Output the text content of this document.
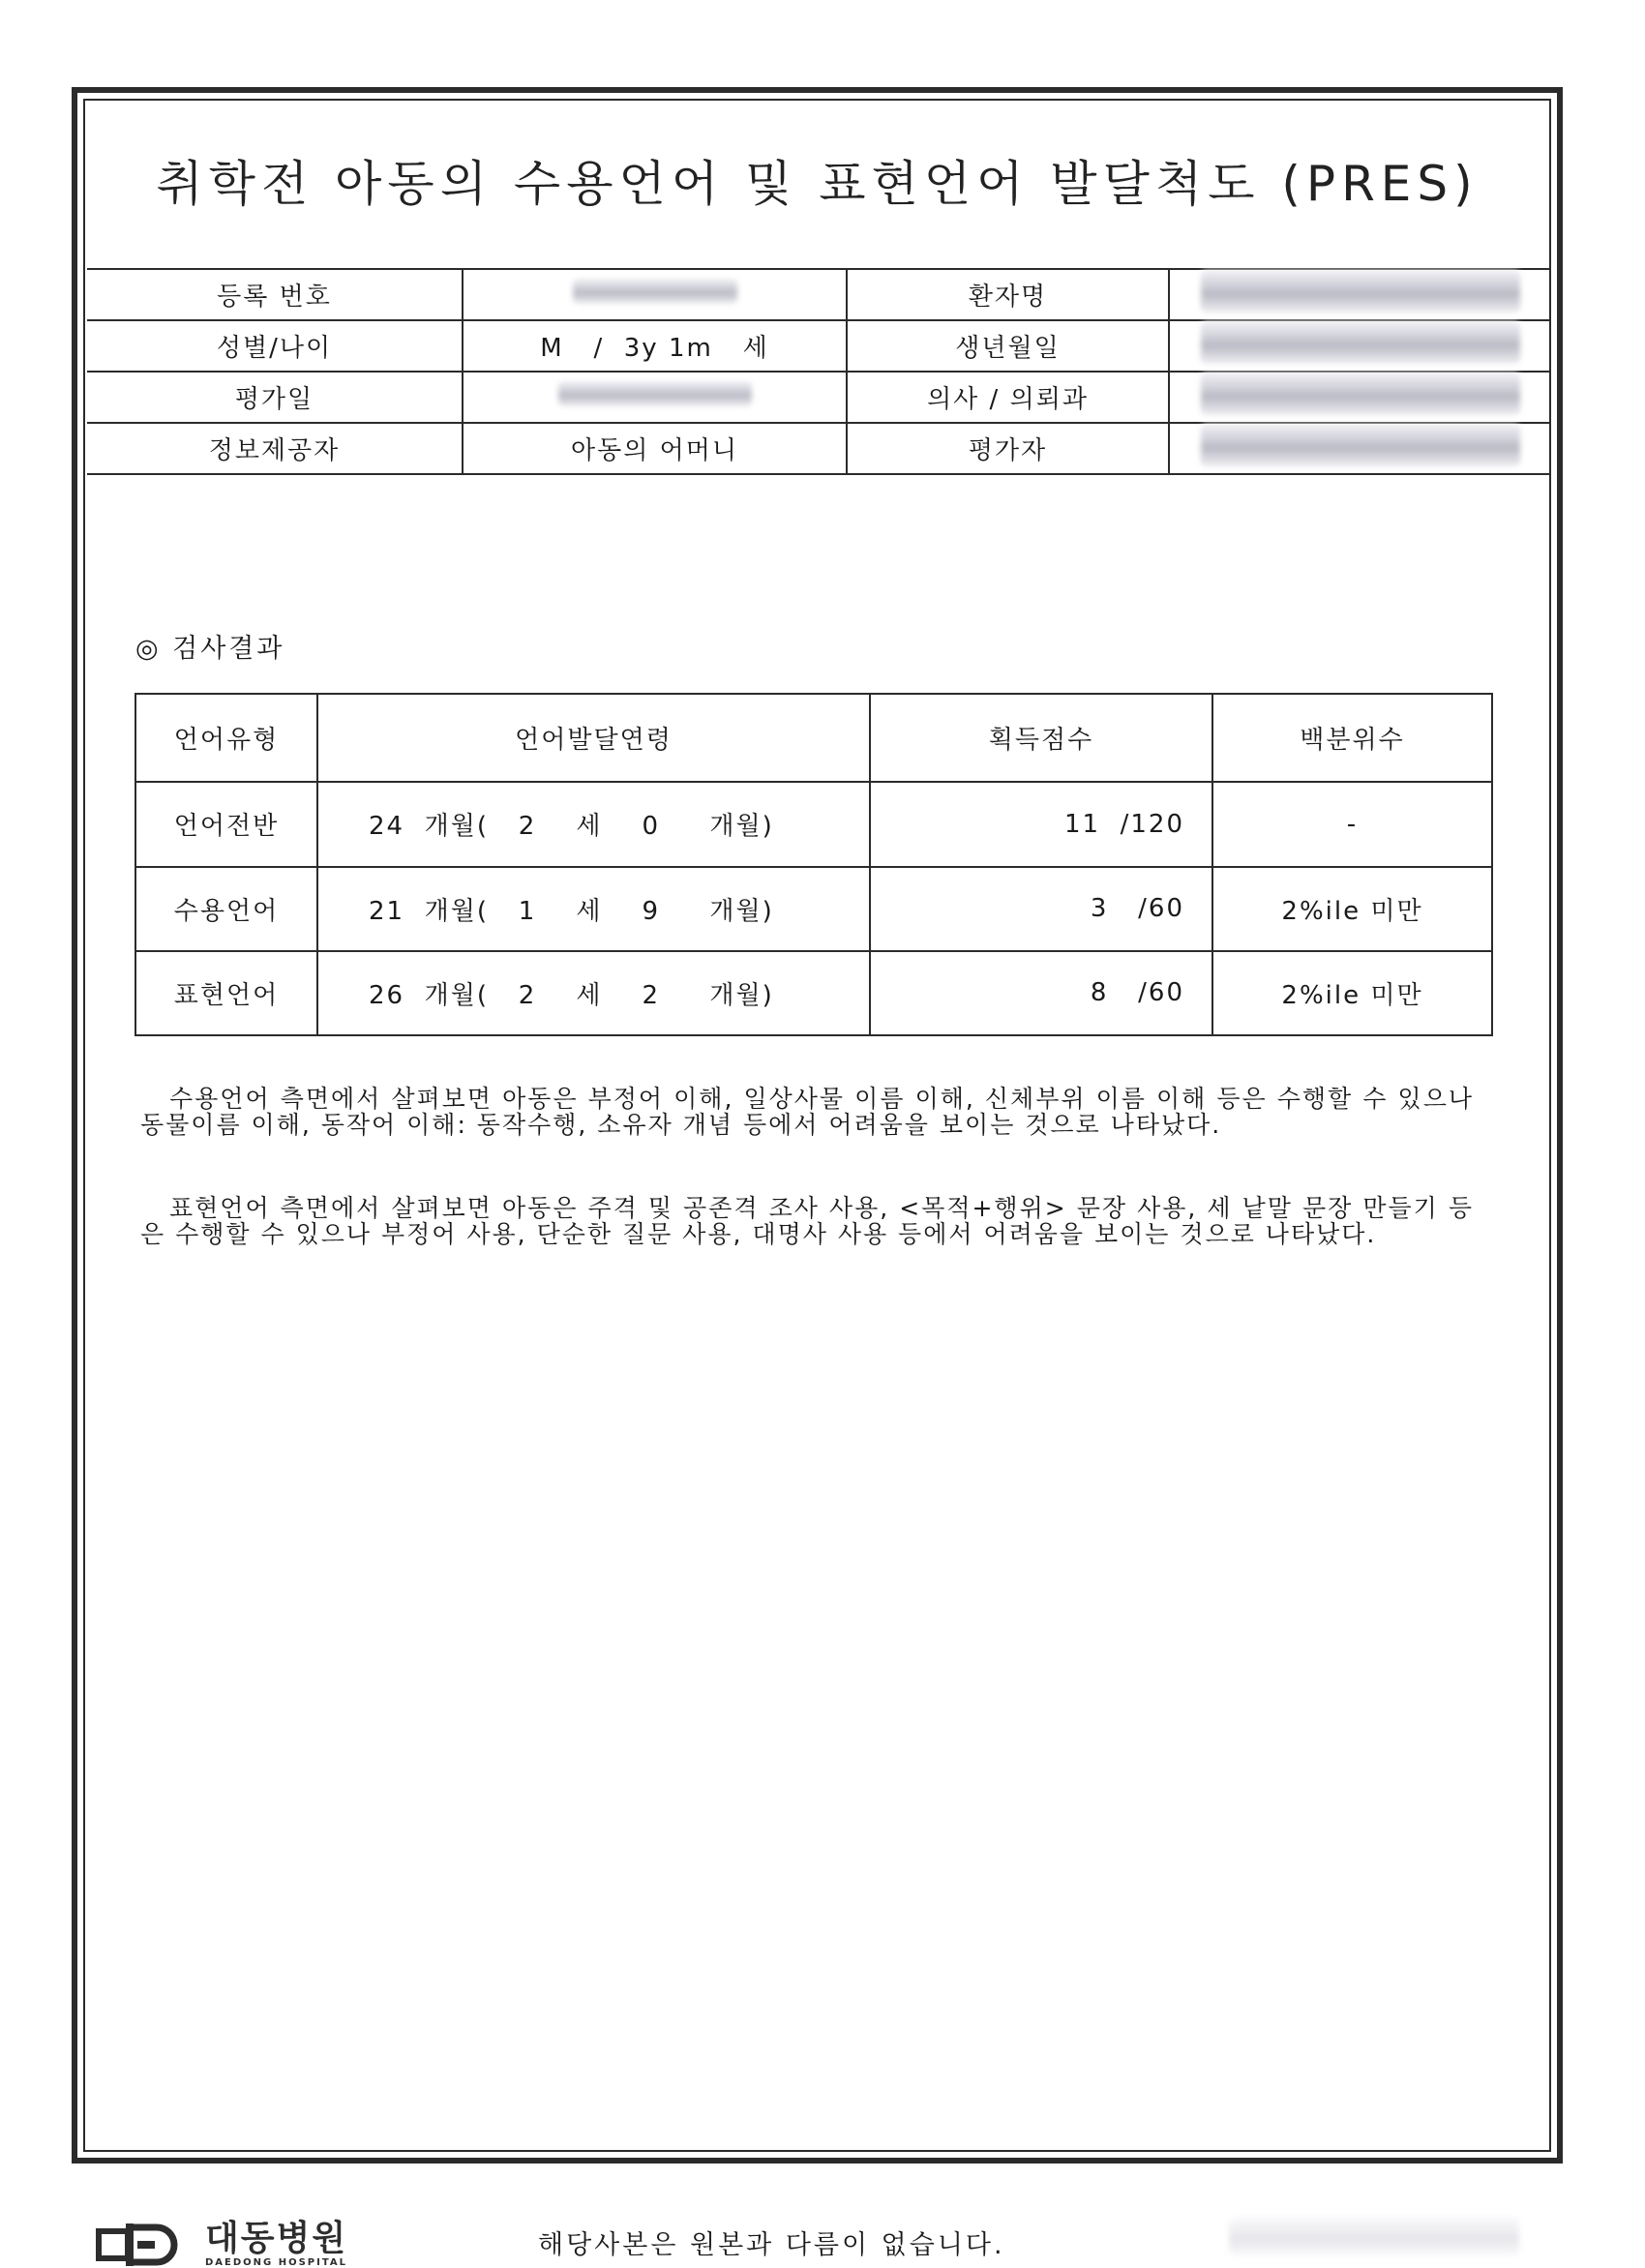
취학전 아동의 수용언어 및 표현언어 발달척도 (PRES)
등록 번호		환자명	
성별/나이	M   /  3y 1m   세	생년월일	
평가일		의사 / 의뢰과	
정보제공자	아동의 어머니	평가자	
◎ 검사결과
언어유형	언어발달연령	획득점수	백분위수
언어전반	24  개월(   2    세    0     개월)	11  /120	-
수용언어	21  개월(   1    세    9     개월)	3   /60	2%ile 미만
표현언어	26  개월(   2    세    2     개월)	8   /60	2%ile 미만

수용언어 측면에서 살펴보면 아동은 부정어 이해, 일상사물 이름 이해, 신체부위 이름 이해 등은 수행할 수 있으나 동물이름 이해, 동작어 이해: 동작수행, 소유자 개념 등에서 어려움을 보이는 것으로 나타났다.

표현언어 측면에서 살펴보면 아동은 주격 및 공존격 조사 사용, <목적+행위> 문장 사용, 세 낱말 문장 만들기 등은 수행할 수 있으나 부정어 사용, 단순한 질문 사용, 대명사 사용 등에서 어려움을 보이는 것으로 나타났다.

대동병원
DAEDONG HOSPITAL
해당사본은 원본과 다름이 없습니다.
